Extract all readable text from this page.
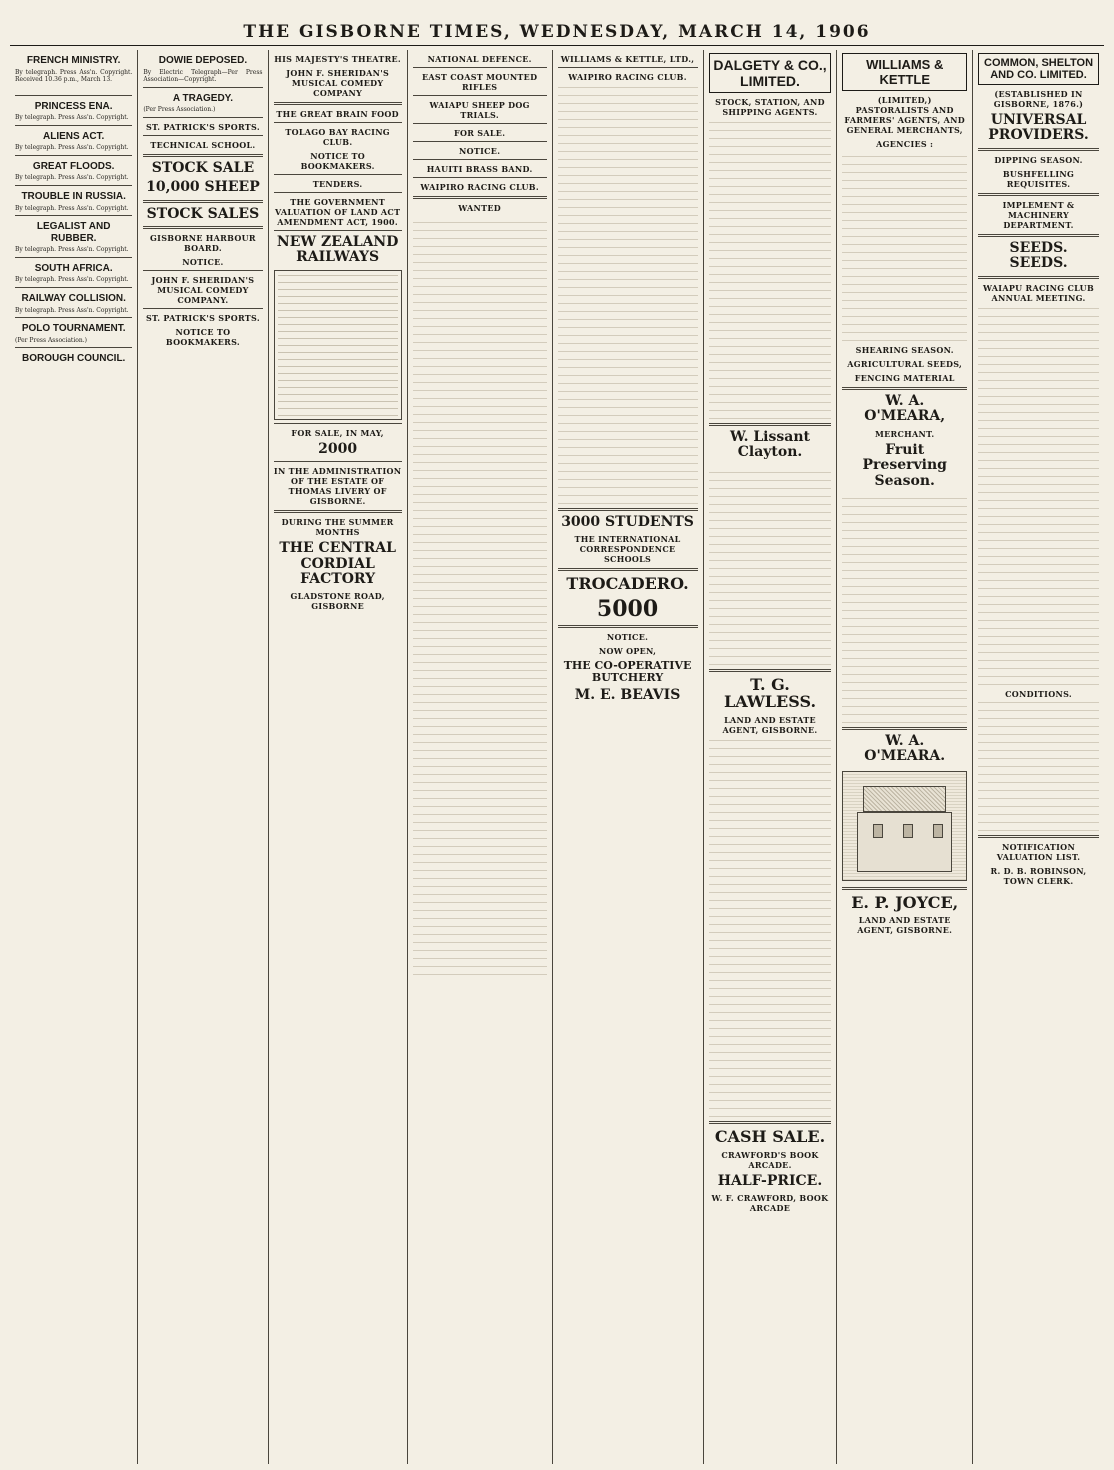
THE GISBORNE TIMES, WEDNESDAY, MARCH 14, 1906
FRENCH MINISTRY.
By telegraph. Press Ass'n. Copyright. Received 10.36 p.m., March 13.
PRINCESS ENA.
By telegraph. Press Ass'n. Copyright.
ALIENS ACT.
By telegraph. Press Ass'n. Copyright.
GREAT FLOODS.
By telegraph. Press Ass'n. Copyright.
TROUBLE IN RUSSIA.
By telegraph. Press Ass'n. Copyright.
LEGALIST AND RUBBER.
By telegraph. Press Ass'n. Copyright.
SOUTH AFRICA.
By telegraph. Press Ass'n. Copyright.
RAILWAY COLLISION.
By telegraph. Press Ass'n. Copyright.
POLO TOURNAMENT.
(Per Press Association.)
BOROUGH COUNCIL.
DOWIE DEPOSED.
By Electric Telegraph—Per Press Association—Copyright.
A TRAGEDY.
(Per Press Association.)
ST. PATRICK'S SPORTS.
TECHNICAL SCHOOL.
STOCK SALE
10,000 SHEEP
STOCK SALES
GISBORNE HARBOUR BOARD.
NOTICE.
JOHN F. SHERIDAN'S MUSICAL COMEDY COMPANY.
ST. PATRICK'S SPORTS.
NOTICE TO BOOKMAKERS.
HIS MAJESTY'S THEATRE.
JOHN F. SHERIDAN'S MUSICAL COMEDY COMPANY
THE GREAT BRAIN FOOD
TOLAGO BAY RACING CLUB.
NOTICE TO BOOKMAKERS.
TENDERS.
THE GOVERNMENT VALUATION OF LAND ACT AMENDMENT ACT, 1900.
NEW ZEALAND RAILWAYS
FOR SALE, IN MAY,
2000
IN THE ADMINISTRATION OF THE ESTATE OF THOMAS LIVERY OF GISBORNE.
DURING THE SUMMER MONTHS
THE CENTRAL CORDIAL FACTORY
GLADSTONE ROAD, GISBORNE
NATIONAL DEFENCE.
EAST COAST MOUNTED RIFLES
WAIAPU SHEEP DOG TRIALS.
FOR SALE.
NOTICE.
HAUITI BRASS BAND.
WAIPIRO RACING CLUB.
WANTED
WILLIAMS & KETTLE, LTD.,
WAIPIRO RACING CLUB.
3000 STUDENTS
THE INTERNATIONAL CORRESPONDENCE SCHOOLS
TROCADERO.
5000
NOTICE.
NOW OPEN,
THE CO-OPERATIVE BUTCHERY
M. E. BEAVIS
DALGETY & CO., LIMITED.
STOCK, STATION, AND SHIPPING AGENTS.
W. Lissant Clayton.
T. G. LAWLESS.
LAND AND ESTATE AGENT, GISBORNE.
CASH SALE.
CRAWFORD'S BOOK ARCADE.
HALF-PRICE.
W. F. CRAWFORD, BOOK ARCADE
WILLIAMS & KETTLE
(LIMITED,) PASTORALISTS AND FARMERS' AGENTS, AND GENERAL MERCHANTS,
AGENCIES :
SHEARING SEASON.
AGRICULTURAL SEEDS,
FENCING MATERIAL
W. A. O'MEARA,
MERCHANT.
Fruit Preserving Season.
W. A. O'MEARA.
E. P. JOYCE,
LAND AND ESTATE AGENT, GISBORNE.
COMMON, SHELTON AND CO. LIMITED.
(ESTABLISHED IN GISBORNE, 1876.)
UNIVERSAL PROVIDERS.
DIPPING SEASON.
BUSHFELLING REQUISITES.
IMPLEMENT & MACHINERY DEPARTMENT.
SEEDS. SEEDS.
WAIAPU RACING CLUB ANNUAL MEETING.
CONDITIONS.
NOTIFICATION VALUATION LIST.
R. D. B. ROBINSON, TOWN CLERK.
